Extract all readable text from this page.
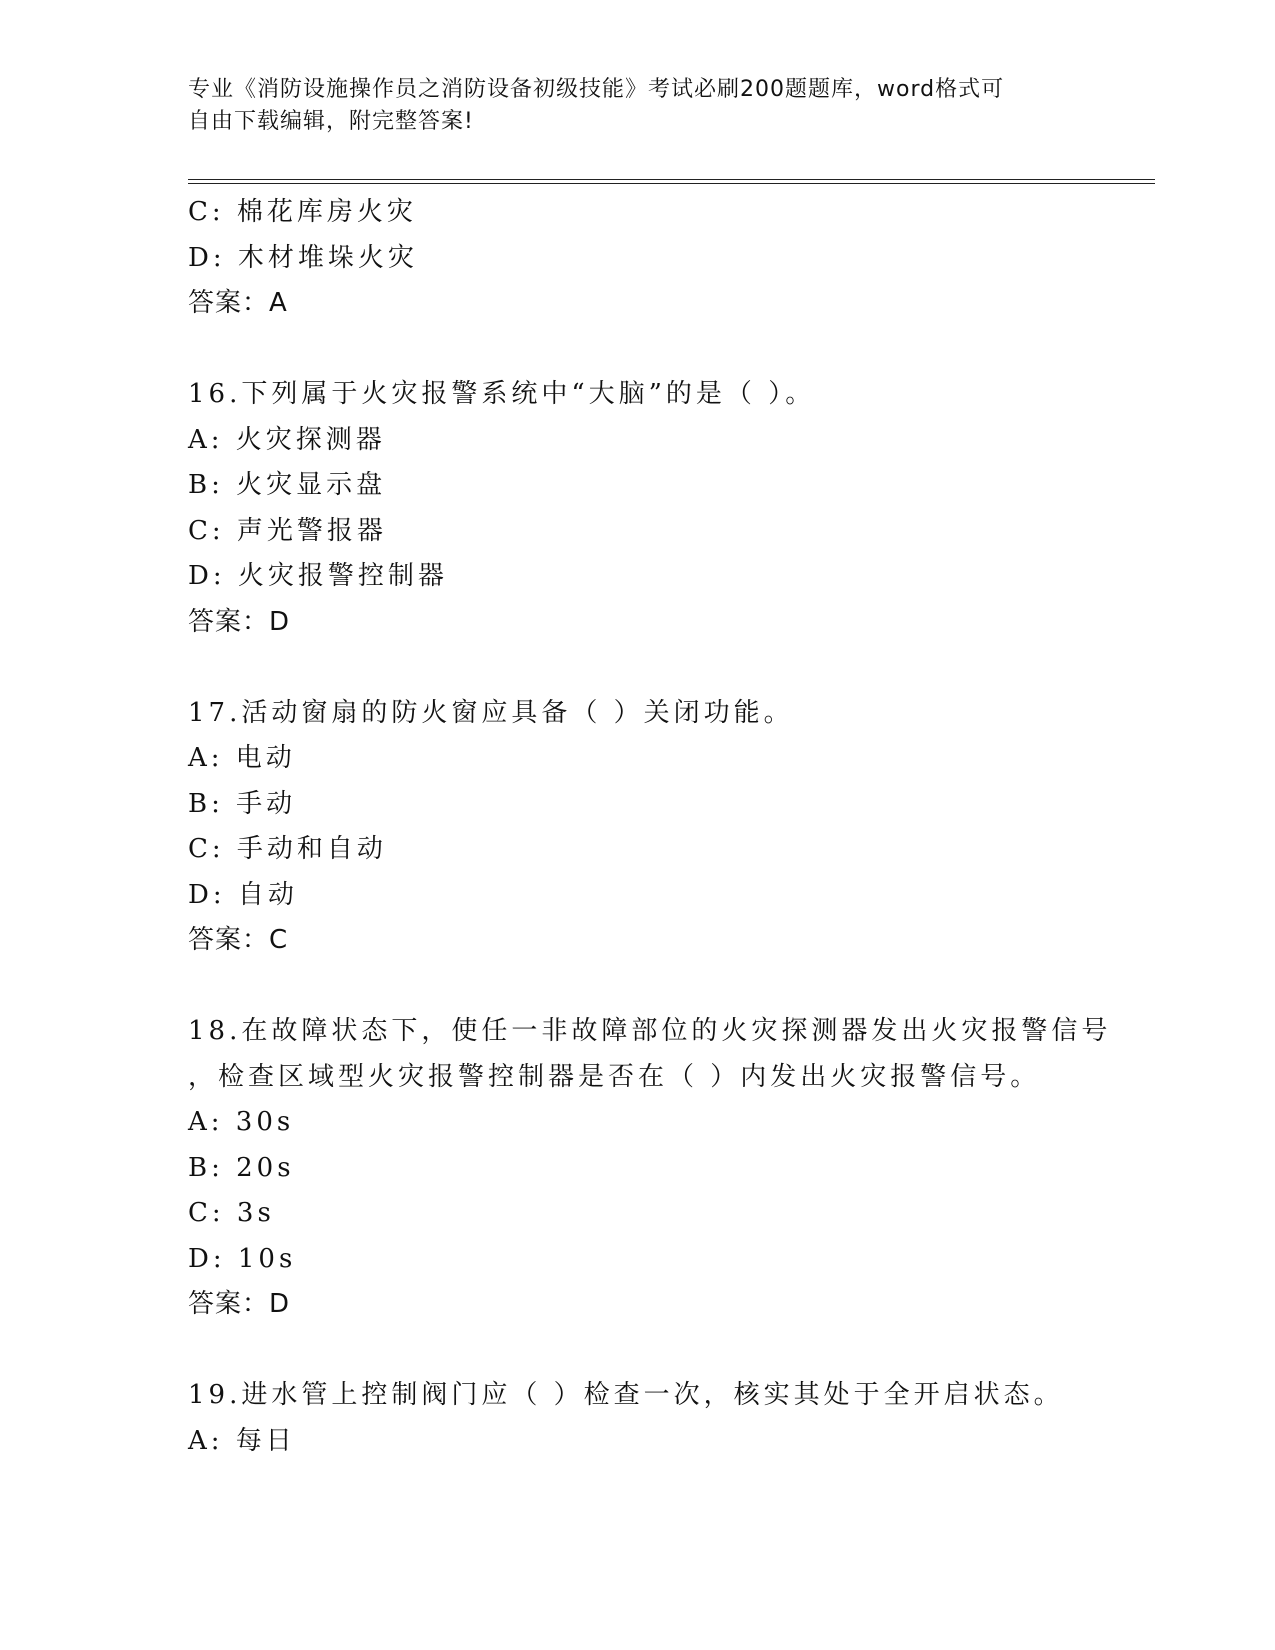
专业《消防设施操作员之消防设备初级技能》考试必刷200题题库，word格式可
自由下载编辑，附完整答案!
C: 棉花库房火灾
D: 木材堆垛火灾
答案：A
16.下列属于火灾报警系统中“大脑”的是（ ）。
A: 火灾探测器
B: 火灾显示盘
C: 声光警报器
D: 火灾报警控制器
答案：D
17.活动窗扇的防火窗应具备（ ）关闭功能。
A: 电动
B: 手动
C: 手动和自动
D: 自动
答案：C
18.在故障状态下，使任一非故障部位的火灾探测器发出火灾报警信号
，检查区域型火灾报警控制器是否在（ ）内发出火灾报警信号。
A: 30s
B: 20s
C: 3s
D: 10s
答案：D
19.进水管上控制阀门应（ ）检查一次，核实其处于全开启状态。
A: 每日
